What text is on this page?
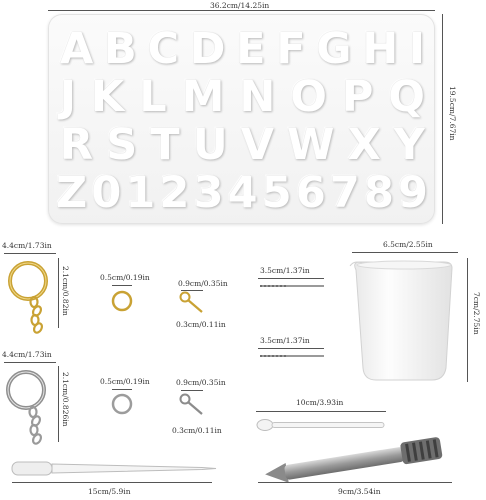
36.2cm/14.25in
A B C D E F G H I
J K L M N O P Q
R S T U V W X Y
Z 0 1 2 3 4 5 6 7 8 9
19.5cm/7.67in
4.4cm/1.73in
2.1cm/0.82in
4.4cm/1.73in
2.1cm/0.826in
0.5cm/0.19in
0.5cm/0.19in
0.9cm/0.35in
0.3cm/0.11in
0.9cm/0.35in
0.3cm/0.11in
3.5cm/1.37in
3.5cm/1.37in
6.5cm/2.55in
7cm/2.75in
10cm/3.93in
15cm/5.9in	9cm/3.54in
